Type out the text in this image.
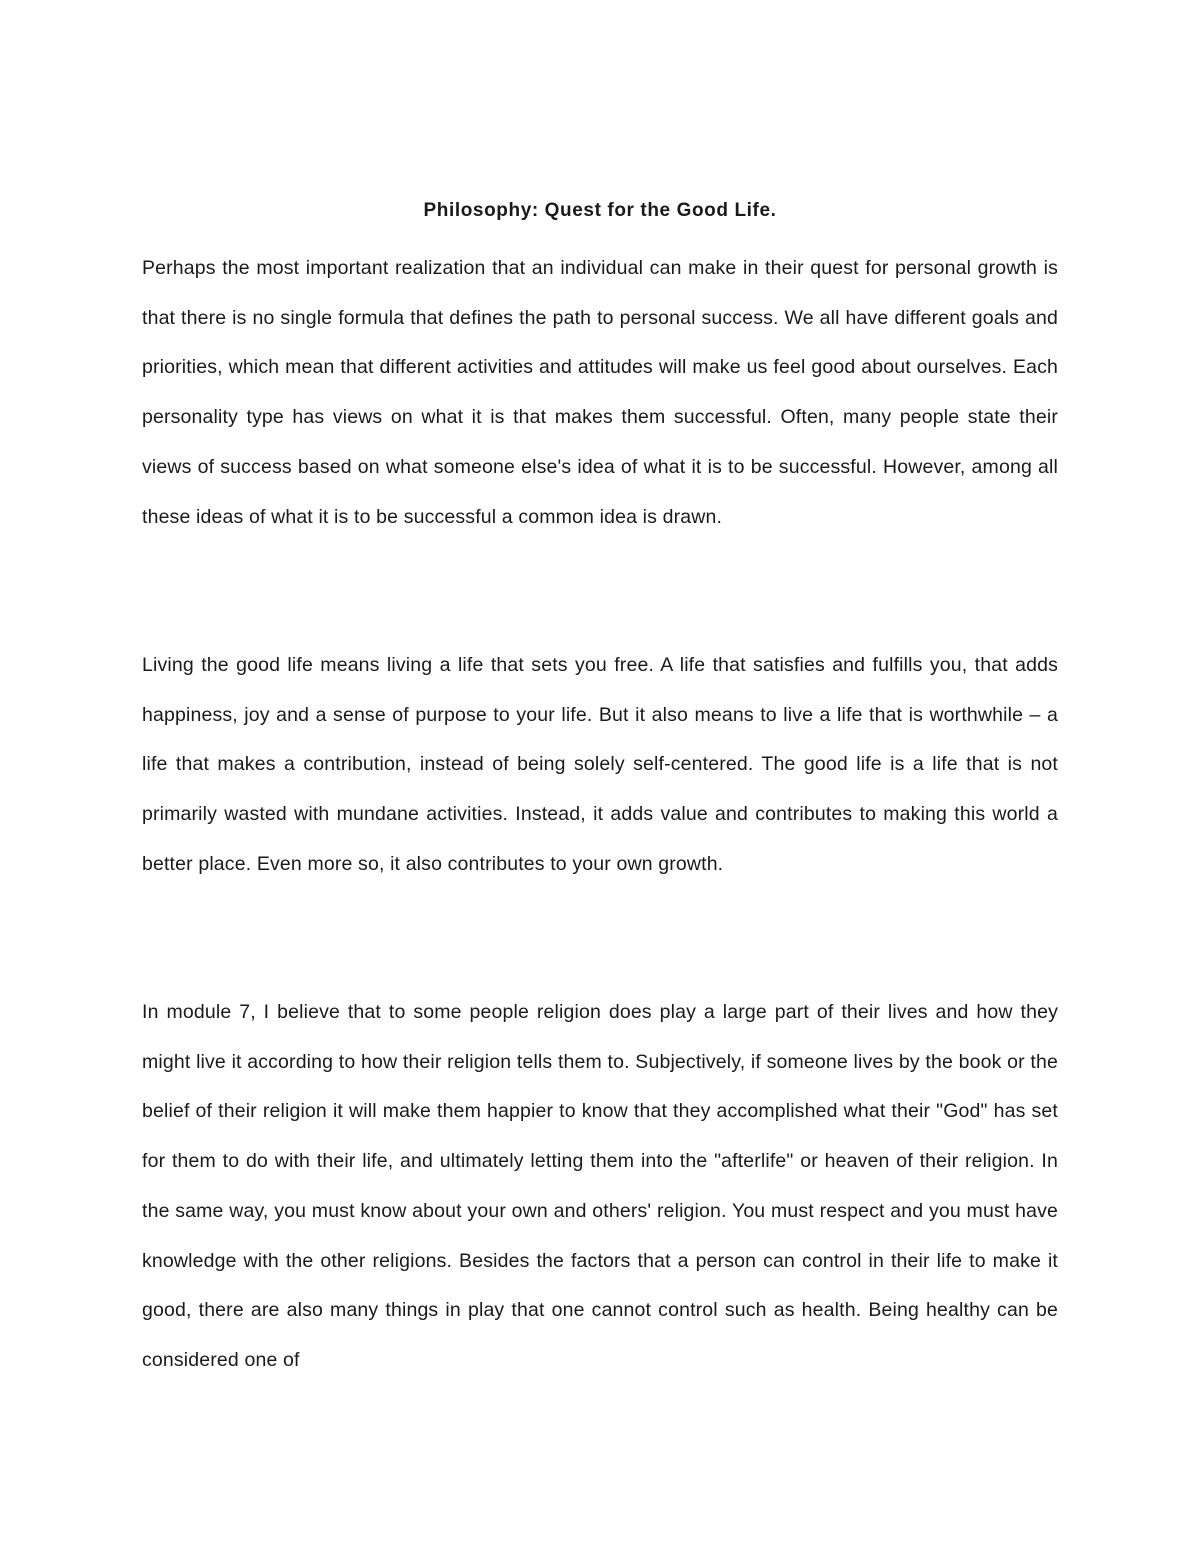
Philosophy: Quest for the Good Life.

Perhaps the most important realization that an individual can make in their quest for personal growth is that there is no single formula that defines the path to personal success. We all have different goals and priorities, which mean that different activities and attitudes will make us feel good about ourselves. Each personality type has views on what it is that makes them successful. Often, many people state their views of success based on what someone else's idea of what it is to be successful. However, among all these ideas of what it is to be successful a common idea is drawn.

Living the good life means living a life that sets you free. A life that satisfies and fulfills you, that adds happiness, joy and a sense of purpose to your life. But it also means to live a life that is worthwhile – a life that makes a contribution, instead of being solely self-centered. The good life is a life that is not primarily wasted with mundane activities. Instead, it adds value and contributes to making this world a better place. Even more so, it also contributes to your own growth.

In module 7, I believe that to some people religion does play a large part of their lives and how they might live it according to how their religion tells them to. Subjectively, if someone lives by the book or the belief of their religion it will make them happier to know that they accomplished what their "God" has set for them to do with their life, and ultimately letting them into the "afterlife" or heaven of their religion. In the same way, you must know about your own and others' religion. You must respect and you must have knowledge with the other religions. Besides the factors that a person can control in their life to make it good, there are also many things in play that one cannot control such as health. Being healthy can be considered one of
